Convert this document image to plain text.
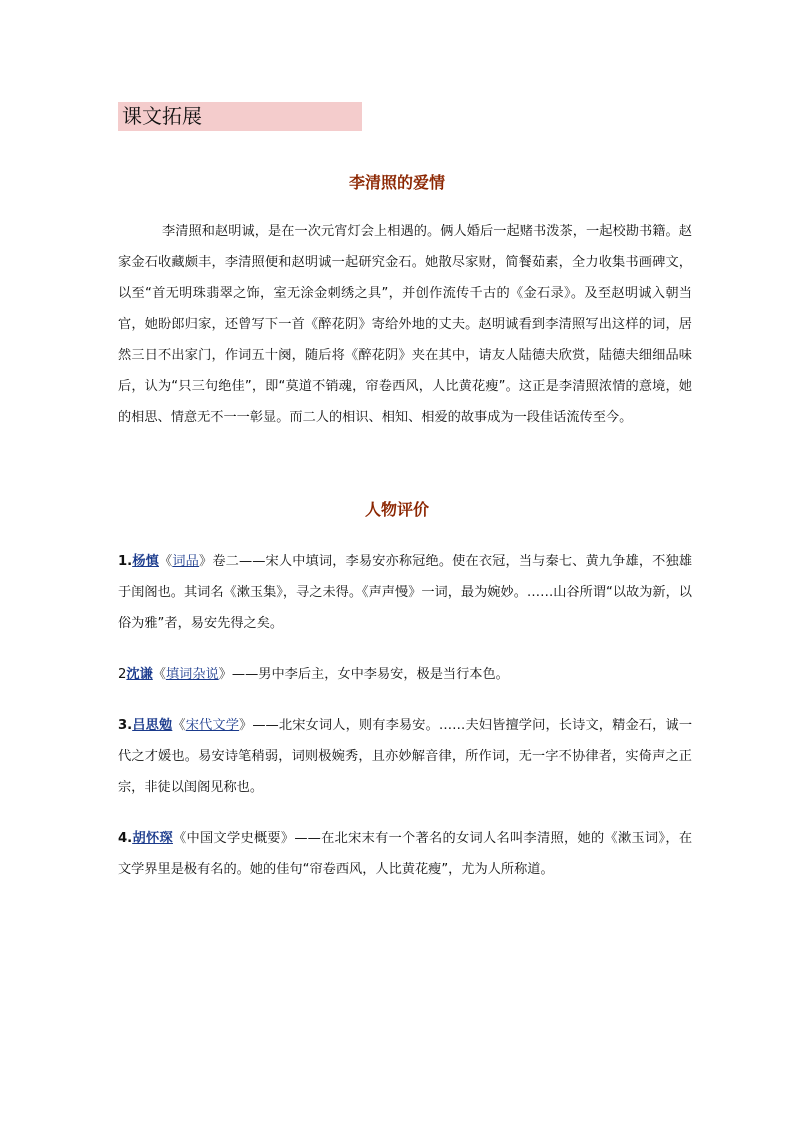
课文拓展
李清照的爱情

李清照和赵明诚，是在一次元宵灯会上相遇的。俩人婚后一起赌书泼茶，一起校勘书籍。赵家金石收藏颇丰，李清照便和赵明诚一起研究金石。她散尽家财，简餐茹素，全力收集书画碑文，以至“首无明珠翡翠之饰，室无涂金刺绣之具”，并创作流传千古的《金石录》。及至赵明诚入朝当官，她盼郎归家，还曾写下一首《醉花阴》寄给外地的丈夫。赵明诚看到李清照写出这样的词，居然三日不出家门，作词五十阕，随后将《醉花阴》夹在其中，请友人陆德夫欣赏，陆德夫细细品味后，认为“只三句绝佳”，即“莫道不销魂，帘卷西风，人比黄花瘦”。这正是李清照浓情的意境，她的相思、情意无不一一彰显。而二人的相识、相知、相爱的故事成为一段佳话流传至今。

人物评价

1.杨慎《词品》卷二——宋人中填词，李易安亦称冠绝。使在衣冠，当与秦七、黄九争雄，不独雄于闺阁也。其词名《漱玉集》，寻之未得。《声声慢》一词，最为婉妙。……山谷所谓“以故为新，以俗为雅”者，易安先得之矣。

2沈谦《填词杂说》——男中李后主，女中李易安，极是当行本色。

3.吕思勉《宋代文学》——北宋女词人，则有李易安。……夫妇皆擅学问，长诗文，精金石，诚一代之才媛也。易安诗笔稍弱，词则极婉秀，且亦妙解音律，所作词，无一字不协律者，实倚声之正宗，非徒以闺阁见称也。

4.胡怀琛《中国文学史概要》——在北宋末有一个著名的女词人名叫李清照，她的《漱玉词》，在文学界里是极有名的。她的佳句“帘卷西风，人比黄花瘦”，尤为人所称道。
